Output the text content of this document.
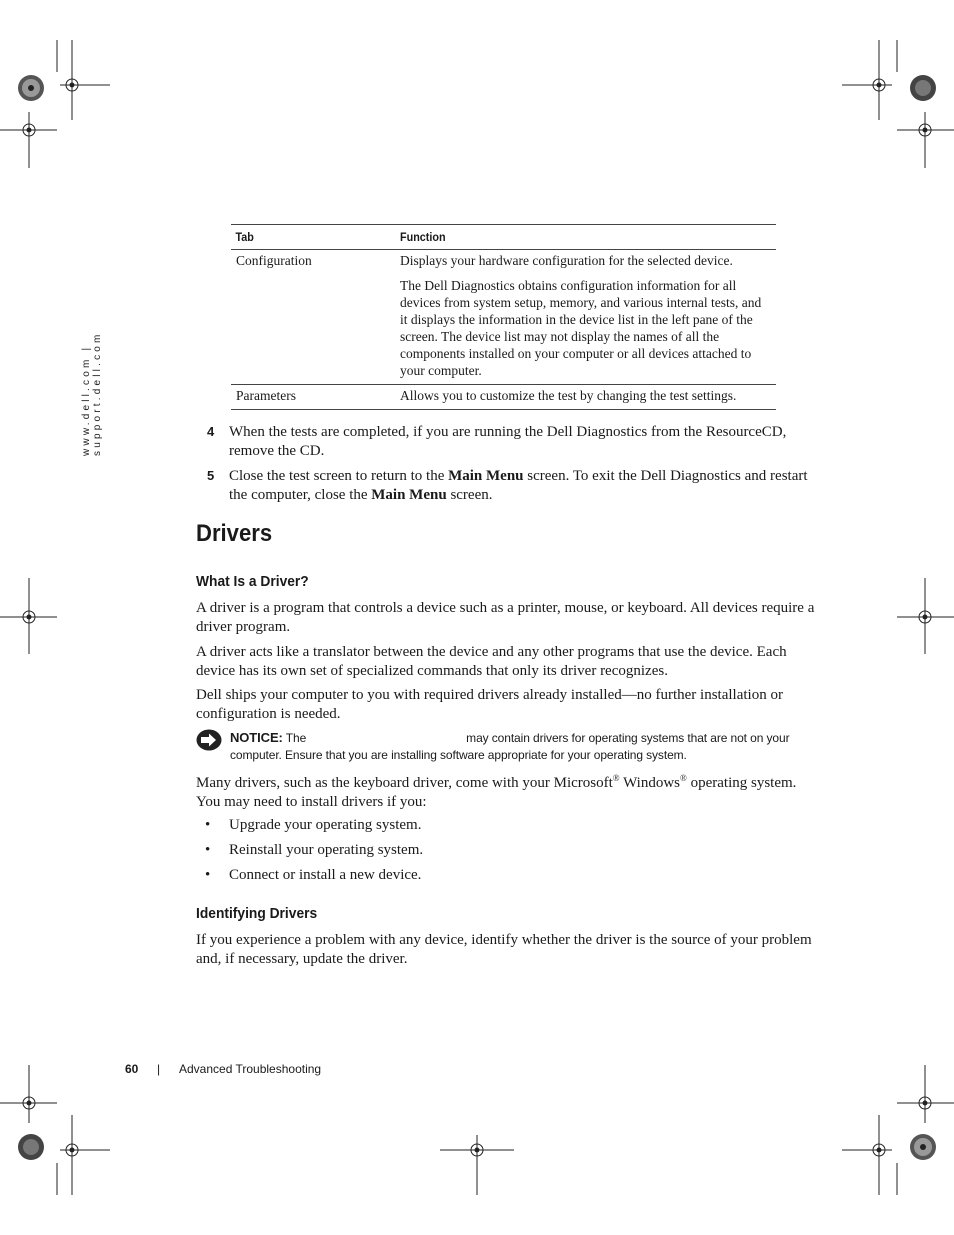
www.dell.com | support.dell.com
Tab	Function
Configuration	Displays your hardware configuration for the selected device.

The Dell Diagnostics obtains configuration information for all devices from system setup, memory, and various internal tests, and it displays the information in the device list in the left pane of the screen. The device list may not display the names of all the components installed on your computer or all devices attached to your computer.

Parameters	Allows you to customize the test by changing the test settings.

4 When the tests are completed, if you are running the Dell Diagnostics from the ResourceCD, remove the CD.
5 Close the test screen to return to the Main Menu screen. To exit the Dell Diagnostics and restart the computer, close the Main Menu screen.
Drivers
What Is a Driver?

A driver is a program that controls a device such as a printer, mouse, or keyboard. All devices require a driver program.

A driver acts like a translator between the device and any other programs that use the device. Each device has its own set of specialized commands that only its driver recognizes.

Dell ships your computer to you with required drivers already installed—no further installation or configuration is needed.

NOTICE: The	may contain drivers for operating systems that are not on your computer. Ensure that you are installing software appropriate for your operating system.

Many drivers, such as the keyboard driver, come with your Microsoft® Windows® operating system. You may need to install drivers if you:

• Upgrade your operating system.
• Reinstall your operating system.
• Connect or install a new device.
Identifying Drivers

If you experience a problem with any device, identify whether the driver is the source of your problem and, if necessary, update the driver.

60 | Advanced Troubleshooting
